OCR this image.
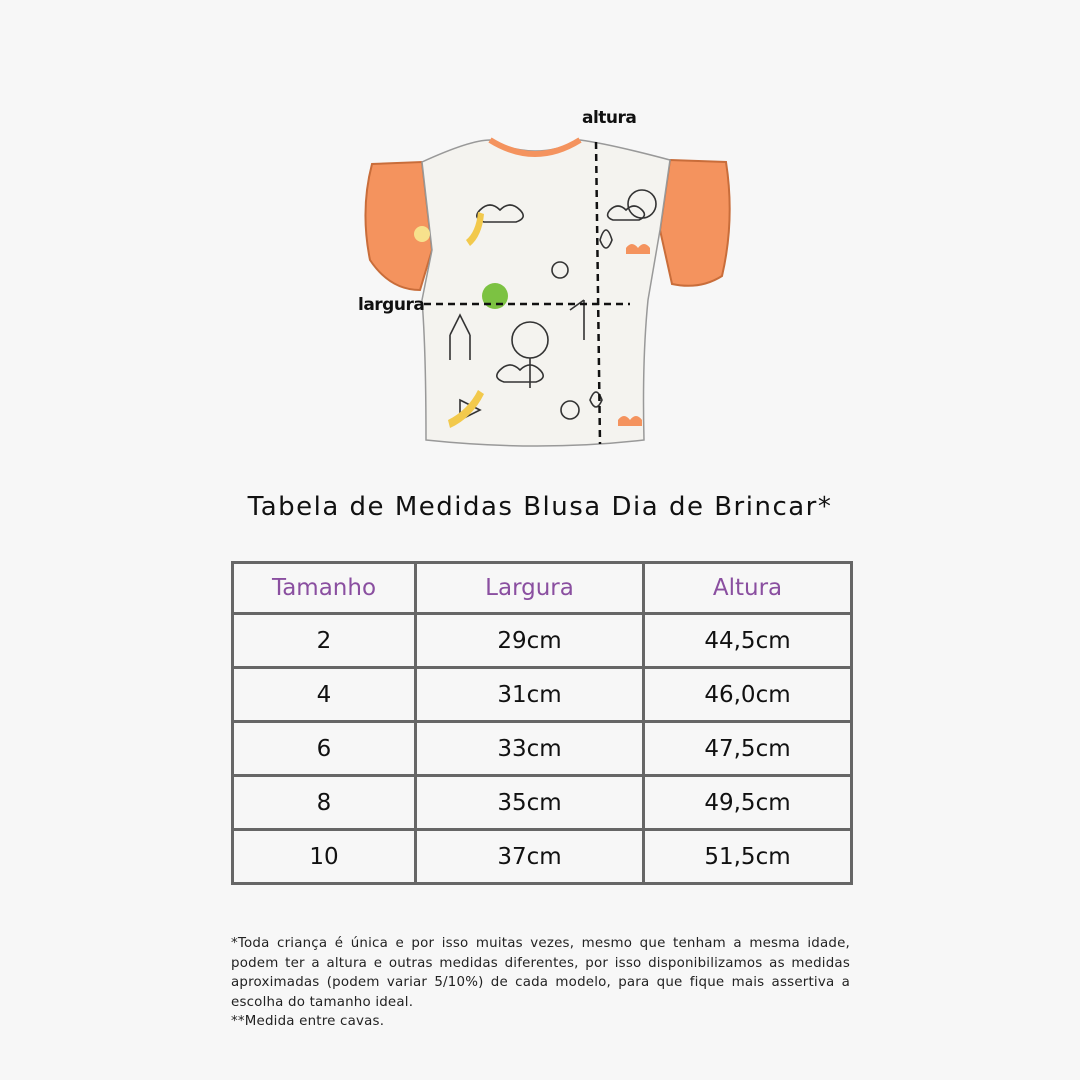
altura
largura
Tabela de Medidas Blusa Dia de Brincar*
Tamanho	Largura	Altura
2	29cm	44,5cm
4	31cm	46,0cm
6	33cm	47,5cm
8	35cm	49,5cm
10	37cm	51,5cm

*Toda criança é única e por isso muitas vezes, mesmo que tenham a mesma idade, podem ter a altura e outras medidas diferentes, por isso disponibilizamos as medidas aproximadas (podem variar 5/10%) de cada modelo, para que fique mais assertiva a escolha do tamanho ideal.

**Medida entre cavas.
